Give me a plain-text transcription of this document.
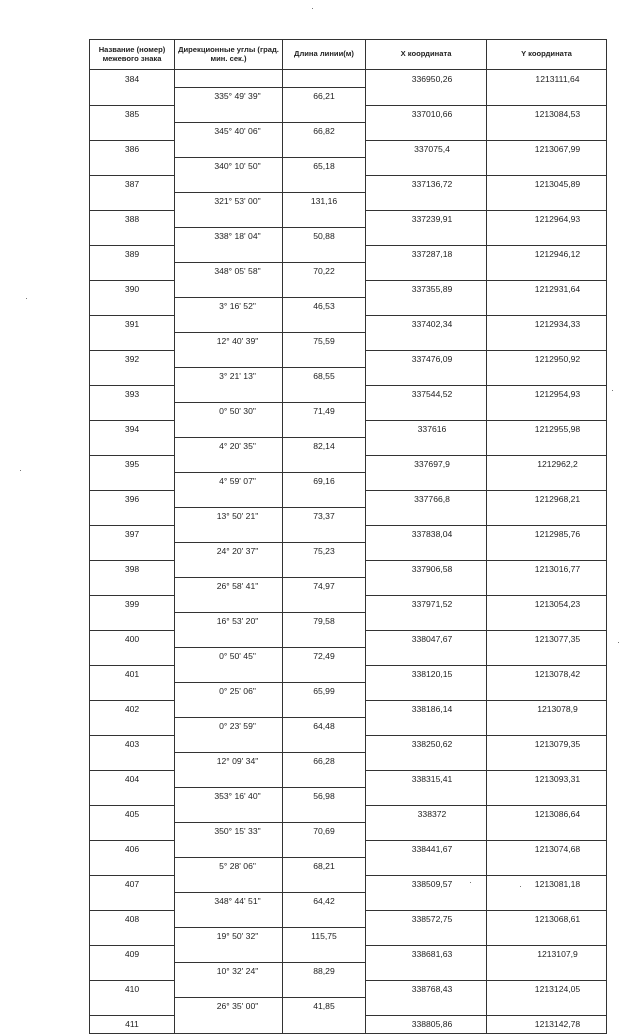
Название (номер) межевого знака	Дирекционные углы (град. мин. сек.)	Длина линии(м)	X координата	Y координата
384			336950,26	1213111,64
	335° 49' 39"	66,21		
385			337010,66	1213084,53
	345° 40' 06"	66,82		
386			337075,4	1213067,99
	340° 10' 50"	65,18		
387			337136,72	1213045,89
	321° 53' 00"	131,16		
388			337239,91	1212964,93
	338° 18' 04"	50,88		
389			337287,18	1212946,12
	348° 05' 58"	70,22		
390			337355,89	1212931,64
	3° 16' 52"	46,53		
391			337402,34	1212934,33
	12° 40' 39"	75,59		
392			337476,09	1212950,92
	3° 21' 13"	68,55		
393			337544,52	1212954,93
	0° 50' 30"	71,49		
394			337616	1212955,98
	4° 20' 35"	82,14		
395			337697,9	1212962,2
	4° 59' 07"	69,16		
396			337766,8	1212968,21
	13° 50' 21"	73,37		
397			337838,04	1212985,76
	24° 20' 37"	75,23		
398			337906,58	1213016,77
	26° 58' 41"	74,97		
399			337971,52	1213054,23
	16° 53' 20"	79,58		
400			338047,67	1213077,35
	0° 50' 45"	72,49		
401			338120,15	1213078,42
	0° 25' 06"	65,99		
402			338186,14	1213078,9
	0° 23' 59"	64,48		
403			338250,62	1213079,35
	12° 09' 34"	66,28		
404			338315,41	1213093,31
	353° 16' 40"	56,98		
405			338372	1213086,64
	350° 15' 33"	70,69		
406			338441,67	1213074,68
	5° 28' 06"	68,21		
407			338509,57	1213081,18
	348° 44' 51"	64,42		
408			338572,75	1213068,61
	19° 50' 32"	115,75		
409			338681,63	1213107,9
	10° 32' 24"	88,29		
410			338768,43	1213124,05
	26° 35' 00"	41,85		
411			338805,86	1213142,78
